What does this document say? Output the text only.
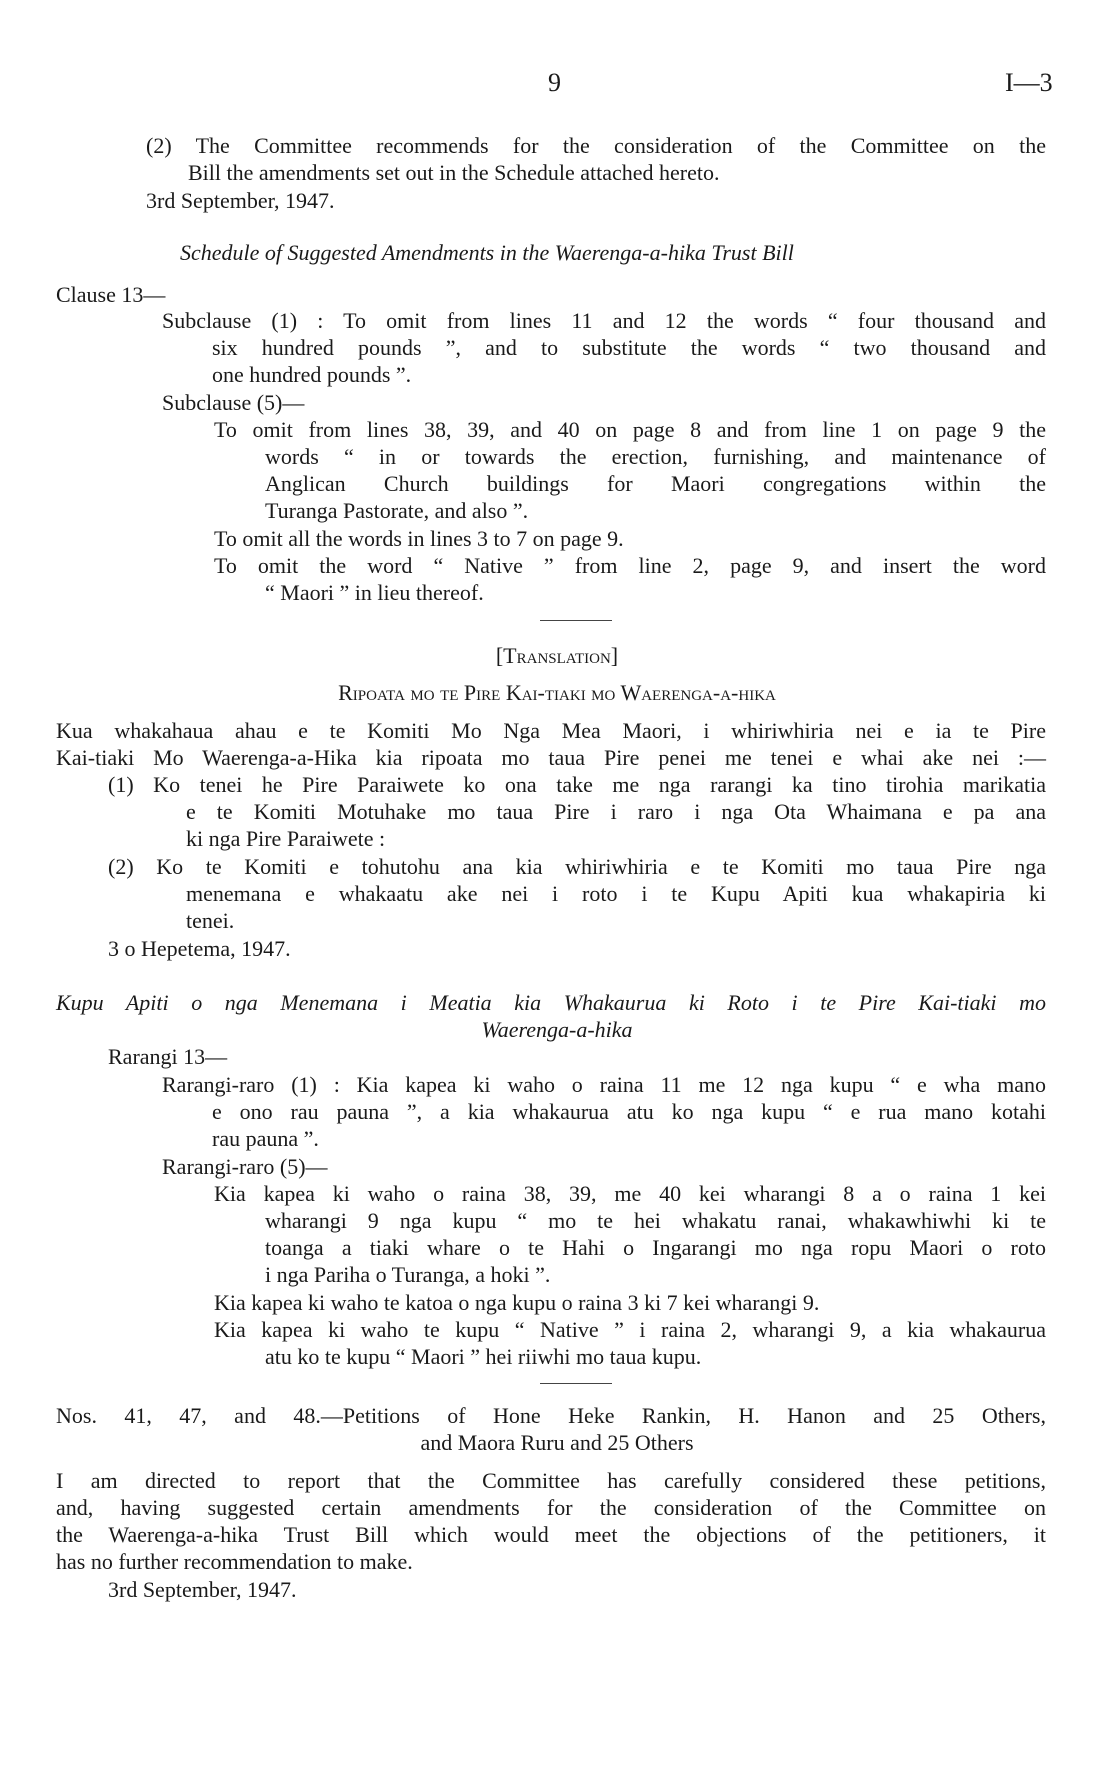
9	I—3
(2) The Committee recommends for the consideration of the Committee on the
Bill the amendments set out in the Schedule attached hereto.
3rd September, 1947.
Schedule of Suggested Amendments in the Waerenga-a-hika Trust Bill
Clause 13—
Subclause (1) : To omit from lines 11 and 12 the words “ four thousand and
six hundred pounds ”, and to substitute the words “ two thousand and
one hundred pounds ”.
Subclause (5)—
To omit from lines 38, 39, and 40 on page 8 and from line 1 on page 9 the
words “ in or towards the erection, furnishing, and maintenance of
Anglican Church buildings for Maori congregations within the
Turanga Pastorate, and also ”.
To omit all the words in lines 3 to 7 on page 9.
To omit the word “ Native ” from line 2, page 9, and insert the word
“ Maori ” in lieu thereof.
[Translation]
Ripoata mo te Pire Kai-tiaki mo Waerenga-a-hika
Kua whakahaua ahau e te Komiti Mo Nga Mea Maori, i whiriwhiria nei e ia te Pire
Kai-tiaki Mo Waerenga-a-Hika kia ripoata mo taua Pire penei me tenei e whai ake nei :—
(1) Ko tenei he Pire Paraiwete ko ona take me nga rarangi ka tino tirohia marikatia
e te Komiti Motuhake mo taua Pire i raro i nga Ota Whaimana e pa ana
ki nga Pire Paraiwete :
(2) Ko te Komiti e tohutohu ana kia whiriwhiria e te Komiti mo taua Pire nga
menemana e whakaatu ake nei i roto i te Kupu Apiti kua whakapiria ki
tenei.
3 o Hepetema, 1947.
Kupu Apiti o nga Menemana i Meatia kia Whakaurua ki Roto i te Pire Kai-tiaki mo
Waerenga-a-hika
Rarangi 13—
Rarangi-raro (1) : Kia kapea ki waho o raina 11 me 12 nga kupu “ e wha mano
e ono rau pauna ”, a kia whakaurua atu ko nga kupu “ e rua mano kotahi
rau pauna ”.
Rarangi-raro (5)—
Kia kapea ki waho o raina 38, 39, me 40 kei wharangi 8 a o raina 1 kei
wharangi 9 nga kupu “ mo te hei whakatu ranai, whakawhiwhi ki te
toanga a tiaki whare o te Hahi o Ingarangi mo nga ropu Maori o roto
i nga Pariha o Turanga, a hoki ”.
Kia kapea ki waho te katoa o nga kupu o raina 3 ki 7 kei wharangi 9.
Kia kapea ki waho te kupu “ Native ” i raina 2, wharangi 9, a kia whakaurua
atu ko te kupu “ Maori ” hei riiwhi mo taua kupu.
Nos. 41, 47, and 48.—Petitions of Hone Heke Rankin, H. Hanon and 25 Others,
and Maora Ruru and 25 Others
I am directed to report that the Committee has carefully considered these petitions,
and, having suggested certain amendments for the consideration of the Committee on
the Waerenga-a-hika Trust Bill which would meet the objections of the petitioners, it
has no further recommendation to make.
3rd September, 1947.
